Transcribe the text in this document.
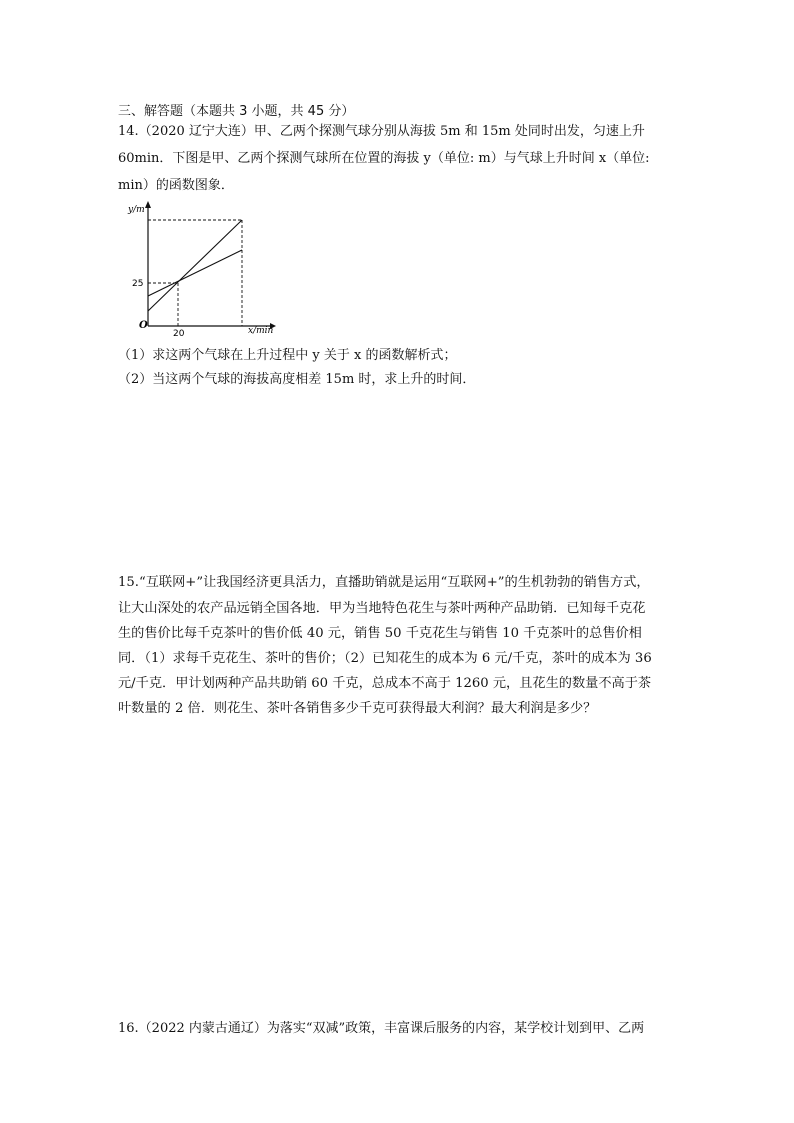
三、解答题（本题共 3 小题，共 45 分）
14.（2020 辽宁大连）甲、乙两个探测气球分别从海拔 5m 和 15m 处同时出发，匀速上升
60min．下图是甲、乙两个探测气球所在位置的海拔 y（单位: m）与气球上升时间 x（单位:
min）的函数图象．
y/m
x/min
O
25
20
（1）求这两个气球在上升过程中 y 关于 x 的函数解析式；
（2）当这两个气球的海拔高度相差 15m 时，求上升的时间．
15.“互联网+”让我国经济更具活力，直播助销就是运用“互联网+”的生机勃勃的销售方式，
让大山深处的农产品远销全国各地．甲为当地特色花生与茶叶两种产品助销．已知每千克花
生的售价比每千克茶叶的售价低 40 元，销售 50 千克花生与销售 10 千克茶叶的总售价相
同．（1）求每千克花生、茶叶的售价；（2）已知花生的成本为 6 元/千克，茶叶的成本为 36
元/千克．甲计划两种产品共助销 60 千克，总成本不高于 1260 元，且花生的数量不高于茶
叶数量的 2 倍．则花生、茶叶各销售多少千克可获得最大利润？最大利润是多少？
16.（2022 内蒙古通辽）为落实“双减”政策，丰富课后服务的内容，某学校计划到甲、乙两
